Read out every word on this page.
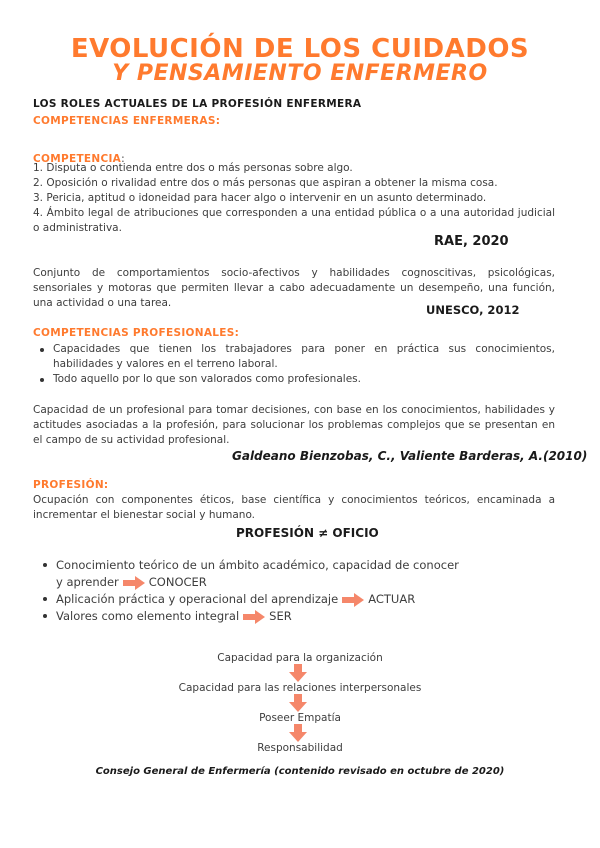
EVOLUCIÓN DE LOS CUIDADOS
Y PENSAMIENTO ENFERMERO
LOS ROLES ACTUALES DE LA PROFESIÓN ENFERMERA
COMPETENCIAS ENFERMERAS:
COMPETENCIA:
1. Disputa o contienda entre dos o más personas sobre algo.
2. Oposición o rivalidad entre dos o más personas que aspiran a obtener la misma cosa.
3. Pericia, aptitud o idoneidad para hacer algo o intervenir en un asunto determinado.
4. Ámbito legal de atribuciones que corresponden a una entidad pública o a una autoridad judicial o administrativa.
RAE, 2020
Conjunto de comportamientos socio-afectivos y habilidades cognoscitivas, psicológicas, sensoriales y motoras que permiten llevar a cabo adecuadamente un desempeño, una función, una actividad o una tarea.	UNESCO, 2012
COMPETENCIAS PROFESIONALES:
Capacidades que tienen los trabajadores para poner en práctica sus conocimientos, habilidades y valores en el terreno laboral.
Todo aquello por lo que son valorados como profesionales.
Capacidad de un profesional para tomar decisiones, con base en los conocimientos, habilidades y actitudes asociadas a la profesión, para solucionar los problemas complejos que se presentan en el campo de su actividad profesional.
Galdeano Bienzobas, C., Valiente Barderas, A.(2010)
PROFESIÓN:
Ocupación con componentes éticos, base científica y conocimientos teóricos, encaminada a incrementar el bienestar social y humano.
PROFESIÓN ≠ OFICIO
Conocimiento teórico de un ámbito académico, capacidad de conocer
y aprender	CONOCER
Aplicación práctica y operacional del aprendizaje	ACTUAR
Valores como elemento integral	SER
Capacidad para la organización
Capacidad para las relaciones interpersonales
Poseer Empatía
Responsabilidad
Consejo General de Enfermería (contenido revisado en octubre de 2020)
